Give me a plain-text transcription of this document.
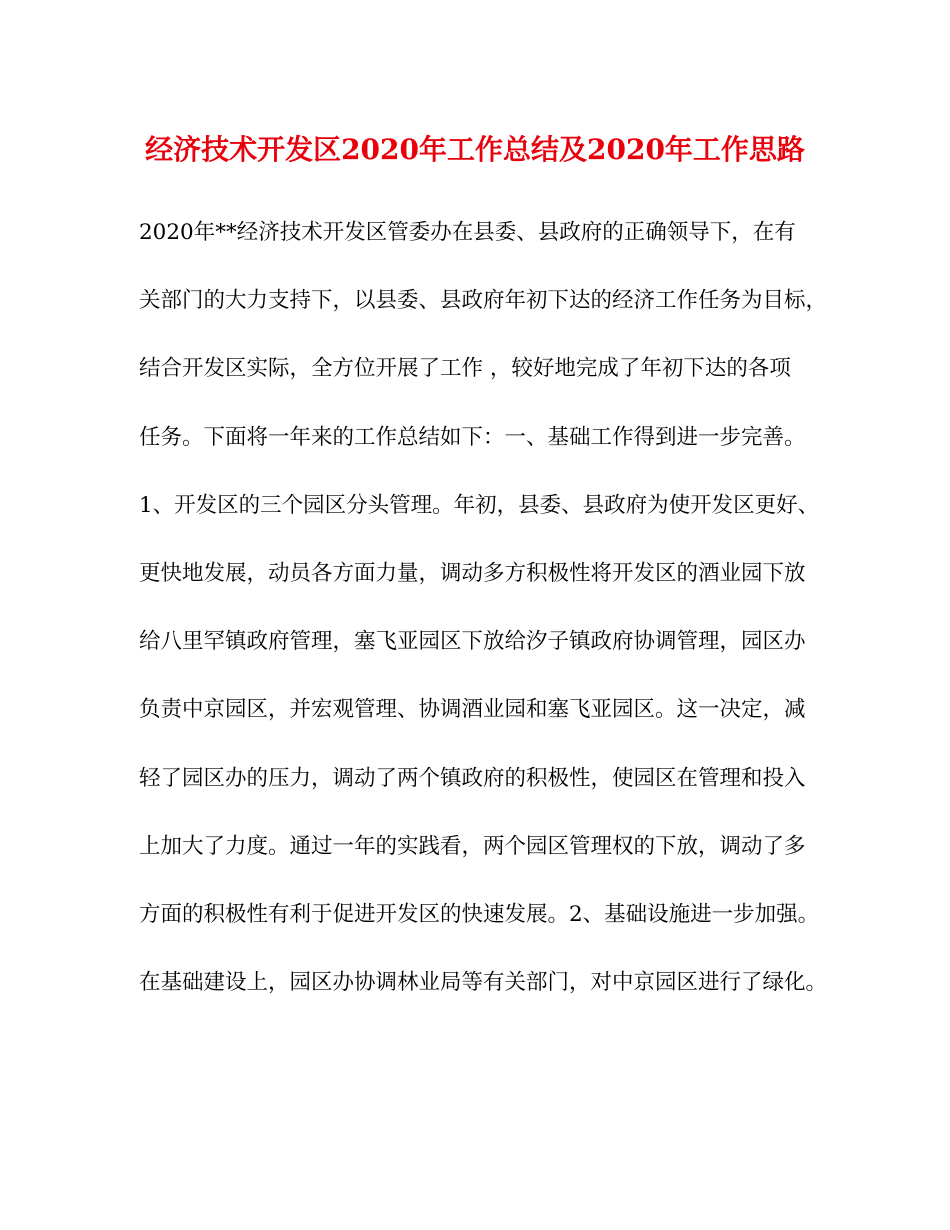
经济技术开发区2020年工作总结及2020年工作思路
2020年**经济技术开发区管委办在县委、县政府的正确领导下，在有
关部门的大力支持下，以县委、县政府年初下达的经济工作任务为目标，
结合开发区实际，全方位开展了工作 ，较好地完成了年初下达的各项
任务。下面将一年来的工作总结如下：一、基础工作得到进一步完善。
1、开发区的三个园区分头管理。年初，县委、县政府为使开发区更好、
更快地发展，动员各方面力量，调动多方积极性将开发区的酒业园下放
给八里罕镇政府管理，塞飞亚园区下放给汐子镇政府协调管理，园区办
负责中京园区，并宏观管理、协调酒业园和塞飞亚园区。这一决定，减
轻了园区办的压力，调动了两个镇政府的积极性，使园区在管理和投入
上加大了力度。通过一年的实践看，两个园区管理权的下放，调动了多
方面的积极性有利于促进开发区的快速发展。2、基础设施进一步加强。
在基础建设上，园区办协调林业局等有关部门，对中京园区进行了绿化。
